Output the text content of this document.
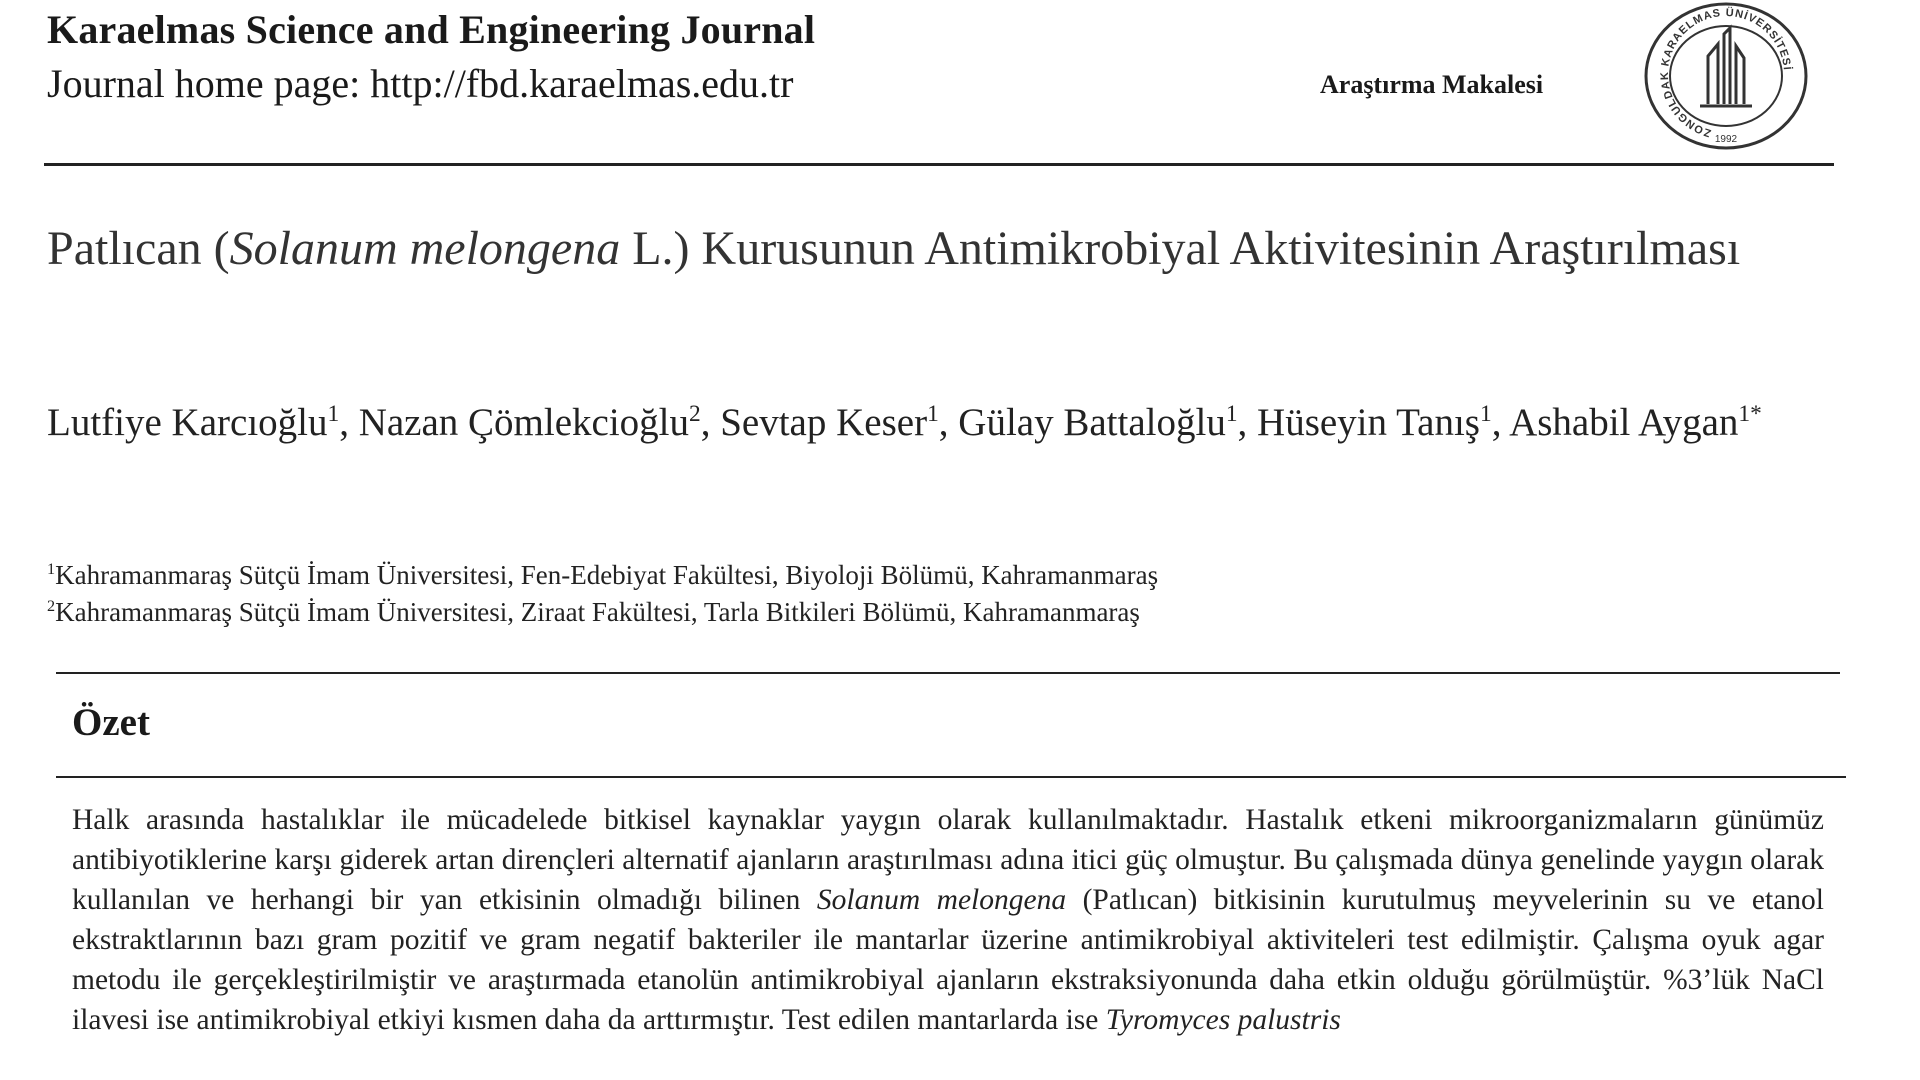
Karaelmas Science and Engineering Journal
Journal home page: http://fbd.karaelmas.edu.tr	Araştırma Makalesi
ZONGULDAK KARAELMAS ÜNİVERSİTESİ
1992
Patlıcan (Solanum melongena L.) Kurusunun Antimikrobiyal Aktivitesinin Araştırılması
Lutfiye Karcıoğlu$^1$, Nazan Çömlekcioğlu$^2$, Sevtap Keser$^1$, Gülay Battaloğlu$^1$, Hüseyin Tanış$^1$, Ashabil Aygan$^{1*}$
$^1$Kahramanmaraş Sütçü İmam Üniversitesi, Fen-Edebiyat Fakültesi, Biyoloji Bölümü, Kahramanmaraş
$^2$Kahramanmaraş Sütçü İmam Üniversitesi, Ziraat Fakültesi, Tarla Bitkileri Bölümü, Kahramanmaraş
Özet
Halk arasında hastalıklar ile mücadelede bitkisel kaynaklar yaygın olarak kullanılmaktadır. Hastalık etkeni mikroorganizmaların günümüz antibiyotiklerine karşı giderek artan dirençleri alternatif ajanların araştırılması adına itici güç olmuştur. Bu çalışmada dünya genelinde yaygın olarak kullanılan ve herhangi bir yan etkisinin olmadığı bilinen Solanum melongena (Patlıcan) bitkisinin kurutulmuş meyvelerinin su ve etanol ekstraktlarının bazı gram pozitif ve gram negatif bakteriler ile mantarlar üzerine antimikrobiyal aktiviteleri test edilmiştir. Çalışma oyuk agar metodu ile gerçekleştirilmiştir ve araştırmada etanolün antimikrobiyal ajanların ekstraksiyonunda daha etkin olduğu görülmüştür. %3’lük NaCl ilavesi ise antimikrobiyal etkiyi kısmen daha da arttırmıştır. Test edilen mantarlarda ise Tyromyces palustris
